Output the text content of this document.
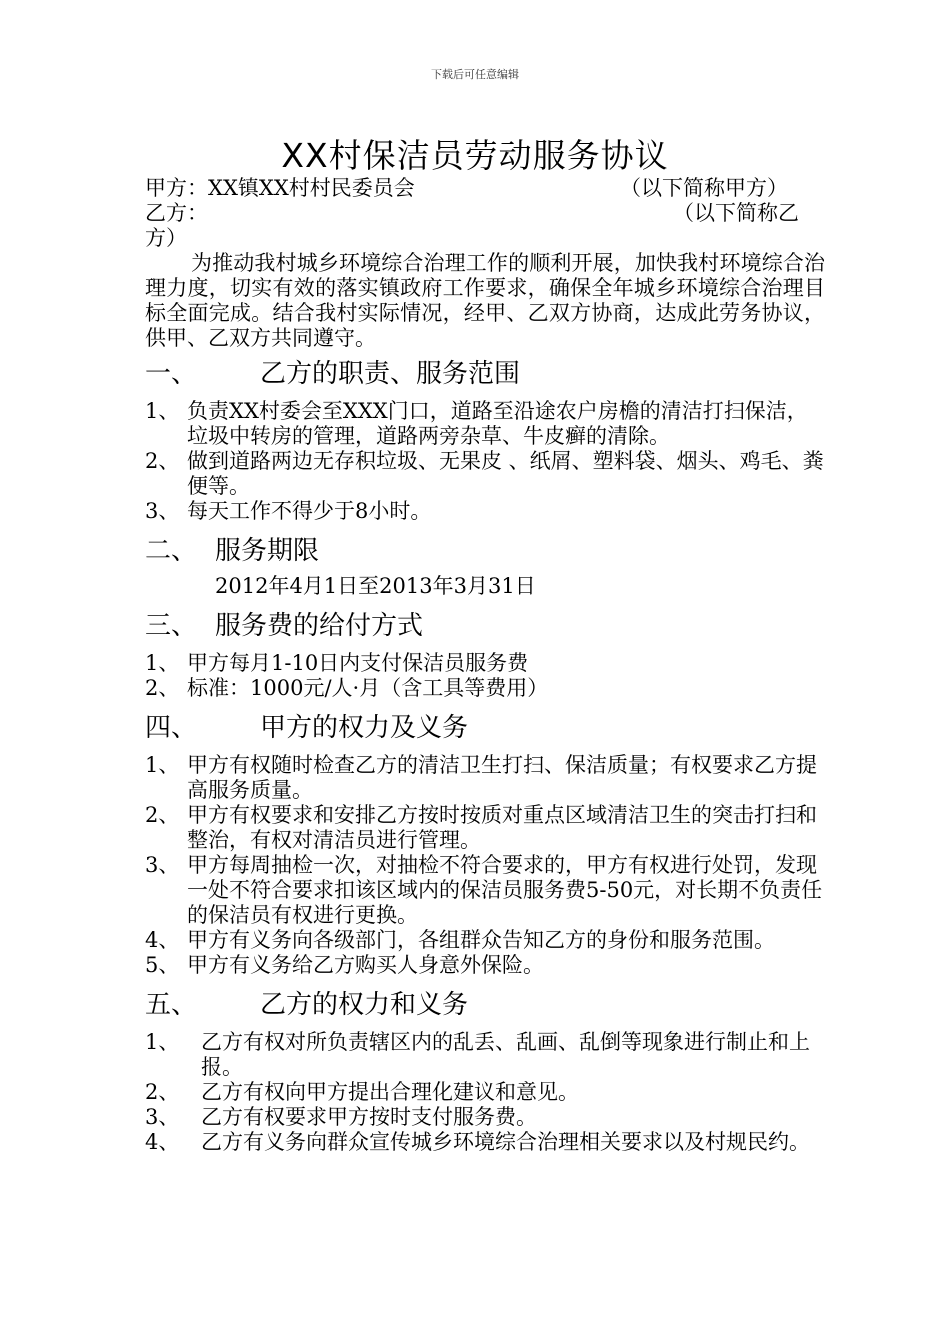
下载后可任意编辑
XX村保洁员劳动服务协议
甲方：XX镇XX村村民委员会	（以下简称甲方）
乙方：	（以下简称乙
方）

为推动我村城乡环境综合治理工作的顺利开展，加快我村环境综合治理力度，切实有效的落实镇政府工作要求，确保全年城乡环境综合治理目标全面完成。结合我村实际情况，经甲、乙双方协商，达成此劳务协议，供甲、乙双方共同遵守。

一、 乙方的职责、服务范围
1、 负责XX村委会至XXX门口，道路至沿途农户房檐的清洁打扫保洁，垃圾中转房的管理，道路两旁杂草、牛皮癣的清除。
2、 做到道路两边无存积垃圾、无果皮 、纸屑、塑料袋、烟头、鸡毛、粪便等。
3、 每天工作不得少于8小时。
二、 服务期限
2012年4月1日至2013年3月31日
三、 服务费的给付方式
1、 甲方每月1-10日内支付保洁员服务费
2、 标准：1000元/人·月（含工具等费用）
四、 甲方的权力及义务
1、 甲方有权随时检查乙方的清洁卫生打扫、保洁质量；有权要求乙方提高服务质量。
2、 甲方有权要求和安排乙方按时按质对重点区域清洁卫生的突击打扫和整治，有权对清洁员进行管理。
3、 甲方每周抽检一次，对抽检不符合要求的，甲方有权进行处罚，发现一处不符合要求扣该区域内的保洁员服务费5-50元，对长期不负责任的保洁员有权进行更换。
4、 甲方有义务向各级部门，各组群众告知乙方的身份和服务范围。
5、 甲方有义务给乙方购买人身意外保险。
五、 乙方的权力和义务
1、 乙方有权对所负责辖区内的乱丢、乱画、乱倒等现象进行制止和上报。
2、 乙方有权向甲方提出合理化建议和意见。
3、 乙方有权要求甲方按时支付服务费。
4、 乙方有义务向群众宣传城乡环境综合治理相关要求以及村规民约。
